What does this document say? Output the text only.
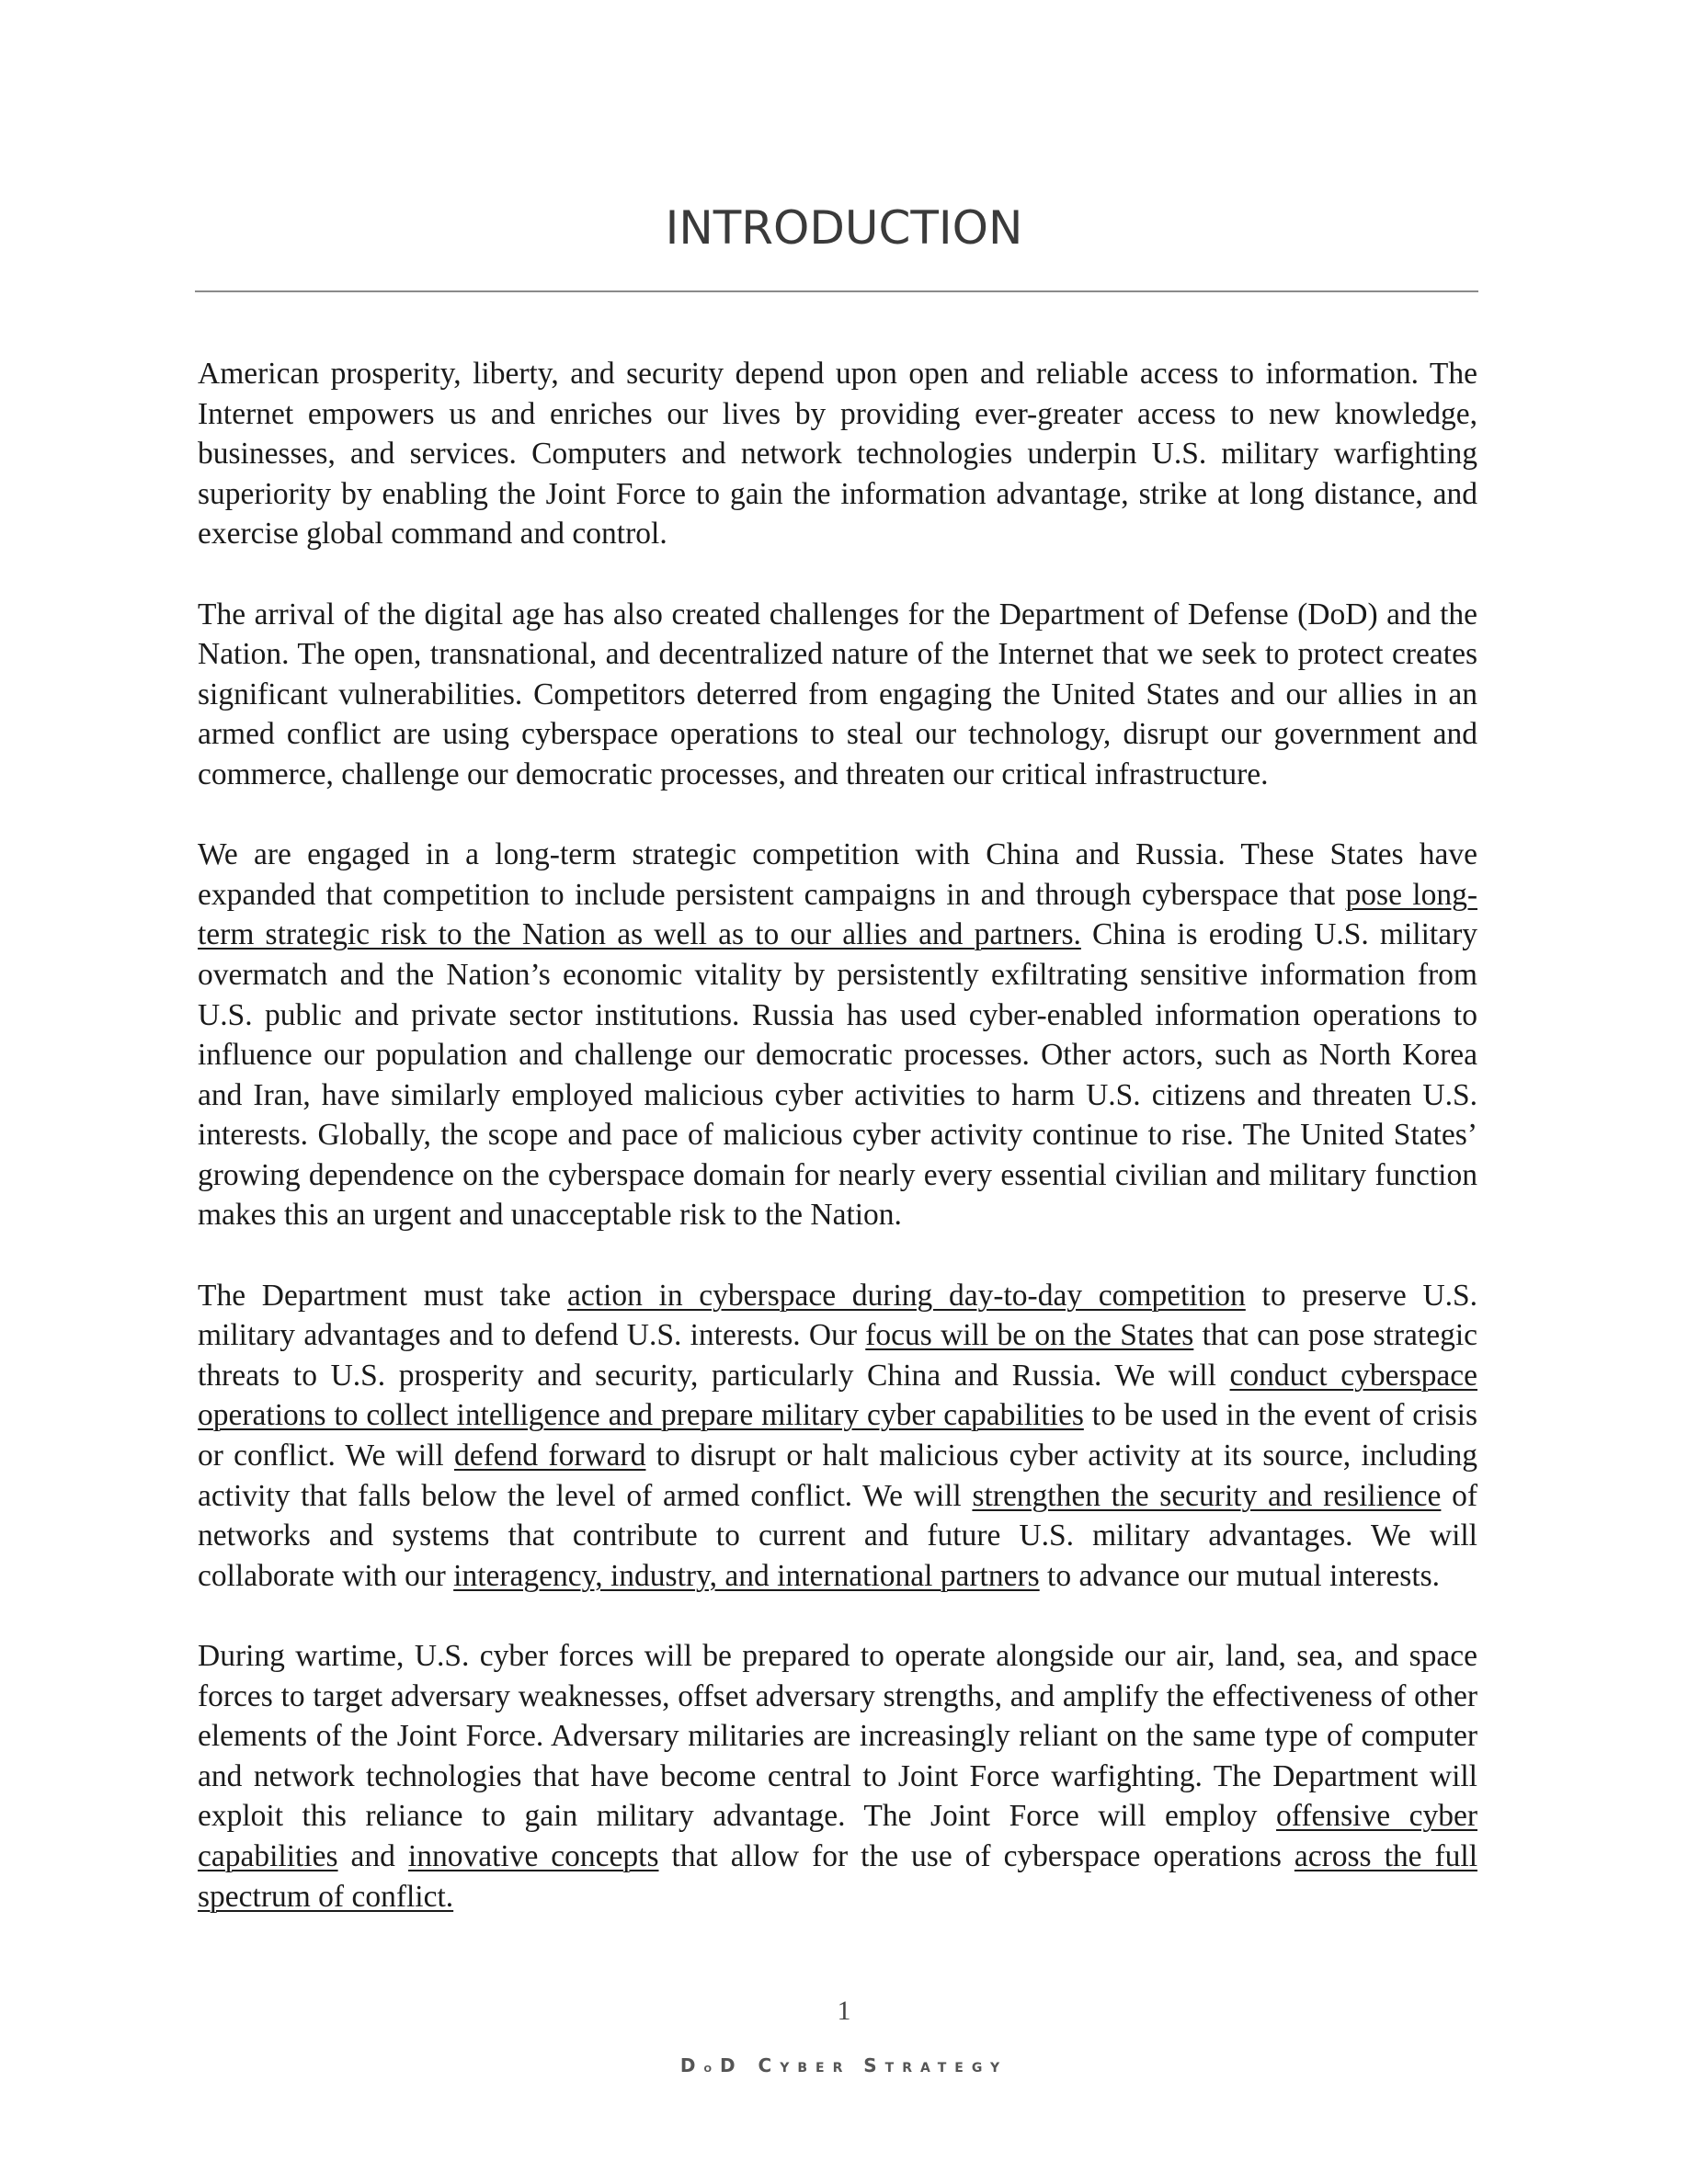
INTRODUCTION

American prosperity, liberty, and security depend upon open and reliable access to information. The Internet empowers us and enriches our lives by providing ever-greater access to new knowledge, businesses, and services. Computers and network technologies underpin U.S. military warfighting superiority by enabling the Joint Force to gain the information advantage, strike at long distance, and exercise global command and control.

The arrival of the digital age has also created challenges for the Department of Defense (DoD) and the Nation. The open, transnational, and decentralized nature of the Internet that we seek to protect creates significant vulnerabilities. Competitors deterred from engaging the United States and our allies in an armed conflict are using cyberspace operations to steal our technology, disrupt our government and commerce, challenge our democratic processes, and threaten our critical infrastructure.

We are engaged in a long-term strategic competition with China and Russia. These States have expanded that competition to include persistent campaigns in and through cyberspace that pose long-term strategic risk to the Nation as well as to our allies and partners. China is eroding U.S. military overmatch and the Nation’s economic vitality by persistently exfiltrating sensitive information from U.S. public and private sector institutions. Russia has used cyber-enabled information operations to influence our population and challenge our democratic processes. Other actors, such as North Korea and Iran, have similarly employed malicious cyber activities to harm U.S. citizens and threaten U.S. interests. Globally, the scope and pace of malicious cyber activity continue to rise. The United States’ growing dependence on the cyberspace domain for nearly every essential civilian and military function makes this an urgent and unacceptable risk to the Nation.

The Department must take action in cyberspace during day-to-day competition to preserve U.S. military advantages and to defend U.S. interests. Our focus will be on the States that can pose strategic threats to U.S. prosperity and security, particularly China and Russia. We will conduct cyberspace operations to collect intelligence and prepare military cyber capabilities to be used in the event of crisis or conflict. We will defend forward to disrupt or halt malicious cyber activity at its source, including activity that falls below the level of armed conflict. We will strengthen the security and resilience of networks and systems that contribute to current and future U.S. military advantages. We will collaborate with our interagency, industry, and international partners to advance our mutual interests.

During wartime, U.S. cyber forces will be prepared to operate alongside our air, land, sea, and space forces to target adversary weaknesses, offset adversary strengths, and amplify the effectiveness of other elements of the Joint Force. Adversary militaries are increasingly reliant on the same type of computer and network technologies that have become central to Joint Force warfighting. The Department will exploit this reliance to gain military advantage. The Joint Force will employ offensive cyber capabilities and innovative concepts that allow for the use of cyberspace operations across the full spectrum of conflict.

1
DoD CYBER STRATEGY
